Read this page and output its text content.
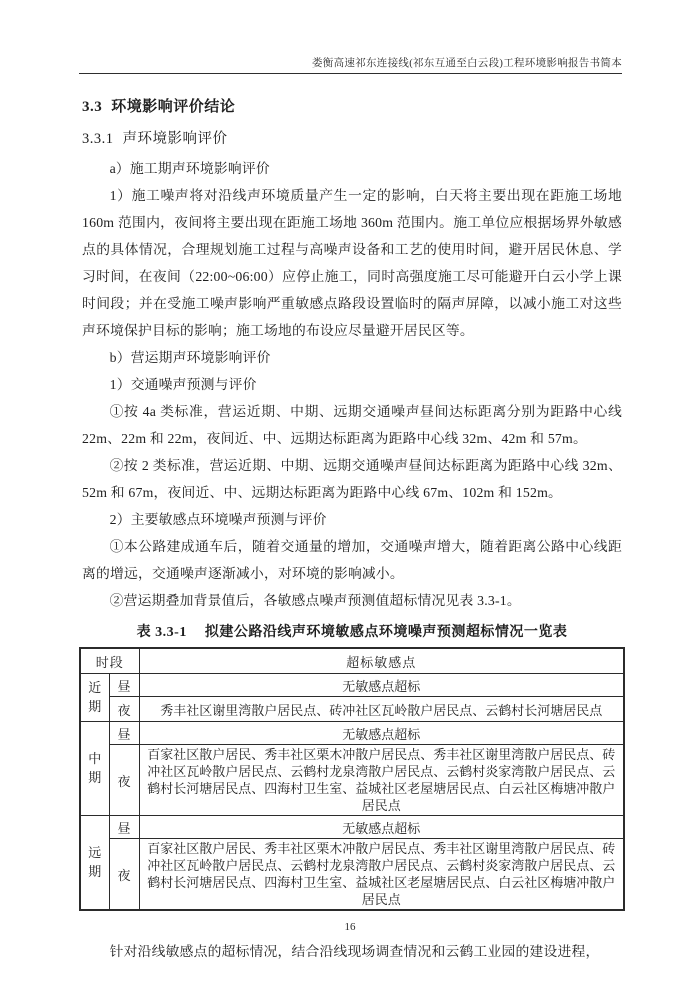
娄衡高速祁东连接线(祁东互通至白云段)工程环境影响报告书简本
3.3 环境影响评价结论
3.3.1 声环境影响评价

a）施工期声环境影响评价

1）施工噪声将对沿线声环境质量产生一定的影响，白天将主要出现在距施工场地 160m 范围内，夜间将主要出现在距施工场地 360m 范围内。施工单位应根据场界外敏感点的具体情况，合理规划施工过程与高噪声设备和工艺的使用时间，避开居民休息、学习时间，在夜间（22:00~06:00）应停止施工，同时高强度施工尽可能避开白云小学上课时间段；并在受施工噪声影响严重敏感点路段设置临时的隔声屏障，以减小施工对这些声环境保护目标的影响；施工场地的布设应尽量避开居民区等。

b）营运期声环境影响评价

1）交通噪声预测与评价

①按 4a 类标准，营运近期、中期、远期交通噪声昼间达标距离分别为距路中心线 22m、22m 和 22m，夜间近、中、远期达标距离为距路中心线 32m、42m 和 57m。

②按 2 类标准，营运近期、中期、远期交通噪声昼间达标距离为距路中心线 32m、52m 和 67m，夜间近、中、远期达标距离为距路中心线 67m、102m 和 152m。

2）主要敏感点环境噪声预测与评价

①本公路建成通车后，随着交通量的增加，交通噪声增大，随着距离公路中心线距离的增远，交通噪声逐渐减小，对环境的影响减小。

②营运期叠加背景值后，各敏感点噪声预测值超标情况见表 3.3-1。

表 3.3-1 拟建公路沿线声环境敏感点环境噪声预测超标情况一览表
时段		超标敏感点

近期	昼	无敏感点超标
	夜	秀丰社区谢里湾散户居民点、砖冲社区瓦岭散户居民点、云鹤村长河塘居民点

中期	昼	无敏感点超标
	夜	百家社区散户居民、秀丰社区栗木冲散户居民点、秀丰社区谢里湾散户居民点、砖冲社区瓦岭散户居民点、云鹤村龙泉湾散户居民点、云鹤村炎家湾散户居民点、云鹤村长河塘居民点、四海村卫生室、益城社区老屋塘居民点、白云社区梅塘冲散户居民点

远期	昼	无敏感点超标
	夜	百家社区散户居民、秀丰社区栗木冲散户居民点、秀丰社区谢里湾散户居民点、砖冲社区瓦岭散户居民点、云鹤村龙泉湾散户居民点、云鹤村炎家湾散户居民点、云鹤村长河塘居民点、四海村卫生室、益城社区老屋塘居民点、白云社区梅塘冲散户居民点

针对沿线敏感点的超标情况，结合沿线现场调查情况和云鹤工业园的建设进程，

16
